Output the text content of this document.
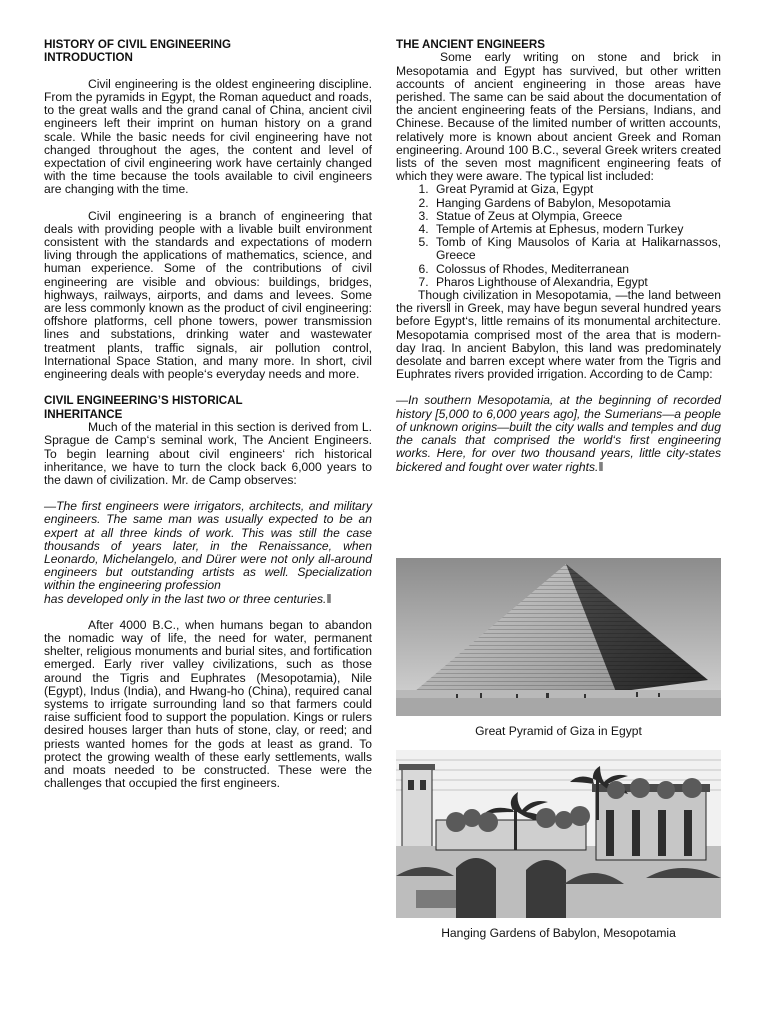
HISTORY OF CIVIL ENGINEERING

INTRODUCTION

Civil engineering is the oldest engineering discipline. From the pyramids in Egypt, the Roman aqueduct and roads, to the great walls and the grand canal of China, ancient civil engineers left their imprint on human history on a grand scale. While the basic needs for civil engineering have not changed throughout the ages, the content and level of expectation of civil engineering work have certainly changed with the time because the tools available to civil engineers are changing with the time.

Civil engineering is a branch of engineering that deals with providing people with a livable built environment consistent with the standards and expectations of modern living through the applications of mathematics, science, and human experience. Some of the contributions of civil engineering are visible and obvious: buildings, bridges, highways, railways, airports, and dams and levees. Some are less commonly known as the product of civil engineering: offshore platforms, cell phone towers, power transmission lines and substations, drinking water and wastewater treatment plants, traffic signals, air pollution control, International Space Station, and many more. In short, civil engineering deals with people‘s everyday needs and more.

CIVIL ENGINEERING’S HISTORICAL

INHERITANCE

Much of the material in this section is derived from L. Sprague de Camp‘s seminal work, The Ancient Engineers. To begin learning about civil engineers‘ rich historical inheritance, we have to turn the clock back 6,000 years to the dawn of civilization. Mr. de Camp observes:

―The first engineers were irrigators, architects, and military engineers. The same man was usually expected to be an expert at all three kinds of work. This was still the case thousands of years later, in the Renaissance, when Leonardo, Michelangelo, and Dürer were not only all-around engineers but outstanding artists as well. Specialization within the engineering profession

has developed only in the last two or three centuries.‖

After 4000 B.C., when humans began to abandon the nomadic way of life, the need for water, permanent shelter, religious monuments and burial sites, and fortification emerged. Early river valley civilizations, such as those around the Tigris and Euphrates (Mesopotamia), Nile (Egypt), Indus (India), and Hwang-ho (China), required canal systems to irrigate surrounding land so that farmers could raise sufficient food to support the population. Kings or rulers desired houses larger than huts of stone, clay, or reed; and priests wanted homes for the gods at least as grand. To protect the growing wealth of these early settlements, walls and moats needed to be constructed. These were the challenges that occupied the first engineers.

THE ANCIENT ENGINEERS

Some early writing on stone and brick in Mesopotamia and Egypt has survived, but other written accounts of ancient engineering in those areas have perished. The same can be said about the documentation of the ancient engineering feats of the Persians, Indians, and Chinese. Because of the limited number of written accounts, relatively more is known about ancient Greek and Roman engineering. Around 100 B.C., several Greek writers created lists of the seven most magnificent engineering feats of which they were aware. The typical list included:

1. Great Pyramid at Giza, Egypt
2. Hanging Gardens of Babylon, Mesopotamia
3. Statue of Zeus at Olympia, Greece
4. Temple of Artemis at Ephesus, modern Turkey
5. Tomb of King Mausolos of Karia at Halikarnassos, Greece
6. Colossus of Rhodes, Mediterranean
7. Pharos Lighthouse of Alexandria, Egypt

Though civilization in Mesopotamia, ―the land between the rivers‖ in Greek, may have begun several hundred years before Egypt‘s, little remains of its monumental architecture. Mesopotamia comprised most of the area that is modern-day Iraq. In ancient Babylon, this land was predominately desolate and barren except where water from the Tigris and Euphrates rivers provided irrigation. According to de Camp:

―In southern Mesopotamia, at the beginning of recorded history [5,000 to 6,000 years ago], the Sumerians―a people of unknown origins―built the city walls and temples and dug the canals that comprised the world‘s first engineering works. Here, for over two thousand years, little city-states bickered and fought over water rights.‖

Great Pyramid of Giza in Egypt
Hanging Gardens of Babylon, Mesopotamia
